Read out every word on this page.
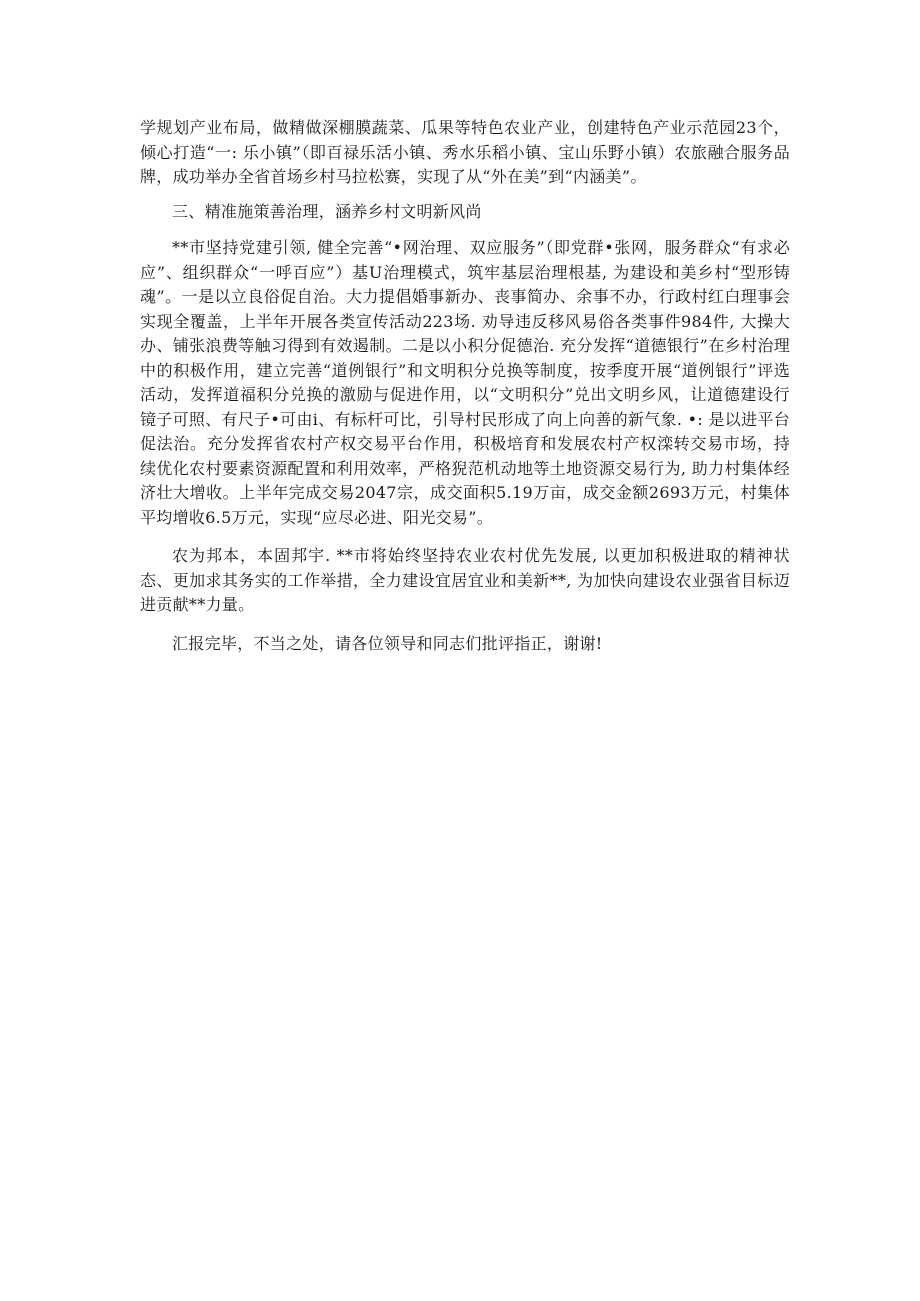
学规划产业布局，做精做深棚膜蔬菜、瓜果等特色农业产业，创建特色产业示范园23个，倾心打造“一: 乐小镇”（即百禄乐活小镇、秀水乐稻小镇、宝山乐野小镇）农旅融合服务品牌，成功举办全省首场乡村马拉松赛，实现了从“外在美”到“内涵美”。

三、精准施策善治理，涵养乡村文明新风尚

**市坚持党建引领, 健全完善“•网治理、双应服务”（即党群•张网，服务群众“有求必应”、组织群众“一呼百应”）基U治理模式，筑牢基层治理根基, 为建设和美乡村“型形铸魂”。一是以立良俗促自治。大力提倡婚事新办、丧事简办、余事不办，行政村红白理事会实现全覆盖，上半年开展各类宣传活动223场. 劝导违反移风易俗各类事件984件, 大操大办、铺张浪费等触习得到有效遏制。二是以小积分促德治. 充分发挥“道德银行”在乡村治理中的积极作用，建立完善“道例银行”和文明积分兑换等制度，按季度开展“道例银行”评选活动，发挥道福积分兑换的激励与促进作用，以“文明积分”兑出文明乡风，让道德建设行镜子可照、有尺子•可由i、有标杆可比，引导村民形成了向上向善的新气象. •: 是以进平台促法治。充分发挥省农村产权交易平台作用，积极培育和发展农村产权滦转交易市场，持续优化农村要素资源配置和利用效率，严格猊范机动地等土地资源交易行为, 助力村集体经济壮大增收。上半年完成交易2047宗，成交面积5.19万亩，成交金额2693万元，村集体平均增收6.5万元，实现“应尽必进、阳光交易”。

农为邦本，本固邦宇. **市将始终坚持农业农村优先发展, 以更加积极进取的精神状态、更加求其务实的工作举措，全力建设宜居宜业和美新**, 为加快向建设农业强省目标迈进贡献**力量。

汇报完毕，不当之处，请各位领导和同志们批评指正，谢谢!
